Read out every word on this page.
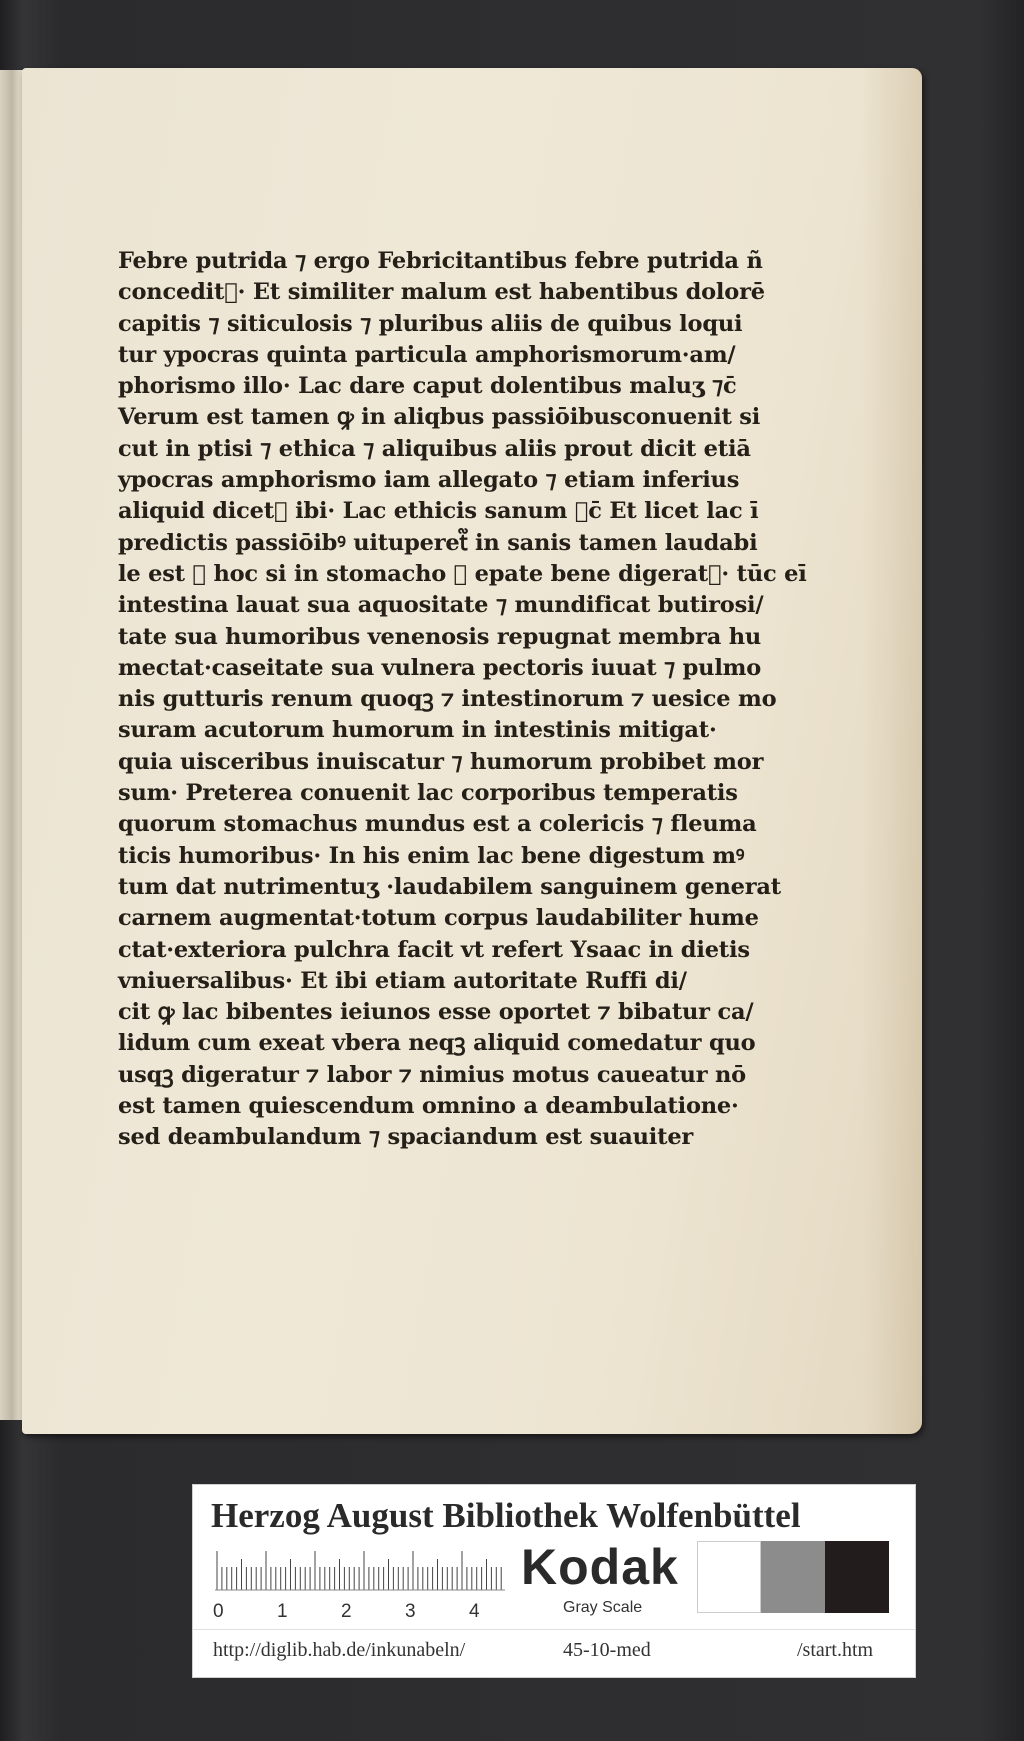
Febre putrida ⁊ ergo Febricitantibus febre putrida ñ
concedit᷑· Et similiter malum est habentibus dolorē
capitis ⁊ siticulosis ⁊ pluribus aliis de quibus loqui
tur ypocras quinta particula amphorismorum·am/
phorismo illo· Lac dare caput dolentibus maluʒ ⁊c̄
Verum est tamen ꝙ in aliqbus passiōibusconuenit si
cut in ptisi ⁊ ethica ⁊ aliquibus aliis prout dicit etiā
ypocras amphorismo iam allegato ⁊ etiam inferius
aliquid dicet᷑ ibi· Lac ethicis sanum ⁊c̄ Et licet lac ī
predictis passiōibꝰ uituperet᷑ in sanis tamen laudabi
le est ⁊ hoc si in stomacho ⁊ epate bene digerat᷑· tūc eī
intestina lauat sua aquositate ⁊ mundificat butirosi/
tate sua humoribus venenosis repugnat membra hu
mectat·caseitate sua vulnera pectoris iuuat ⁊ pulmo
nis gutturis renum quoqꝫ ⁊ intestinorum ⁊ uesice mo
suram acutorum humorum in intestinis mitigat·
quia uisceribus inuiscatur ⁊ humorum probibet mor
sum· Preterea conuenit lac corporibus temperatis
quorum stomachus mundus est a colericis ⁊ fleuma
ticis humoribus· In his enim lac bene digestum mꝰ
tum dat nutrimentuʒ ·laudabilem sanguinem generat
carnem augmentat·totum corpus laudabiliter hume
ctat·exteriora pulchra facit vt refert Ysaac in dietis
vniuersalibus· Et ibi etiam autoritate Ruffi di/
cit ꝙ lac bibentes ieiunos esse oportet ⁊ bibatur ca/
lidum cum exeat vbera neqꝫ aliquid comedatur quo
usqꝫ digeratur ⁊ labor ⁊ nimius motus caueatur nō
est tamen quiescendum omnino a deambulatione·
sed deambulandum ⁊ spaciandum est suauiter
Herzog August Bibliothek Wolfenbüttel
0	1	2	3	4
Kodak
Gray Scale
http://diglib.hab.de/inkunabeln/	45-10-med	/start.htm
